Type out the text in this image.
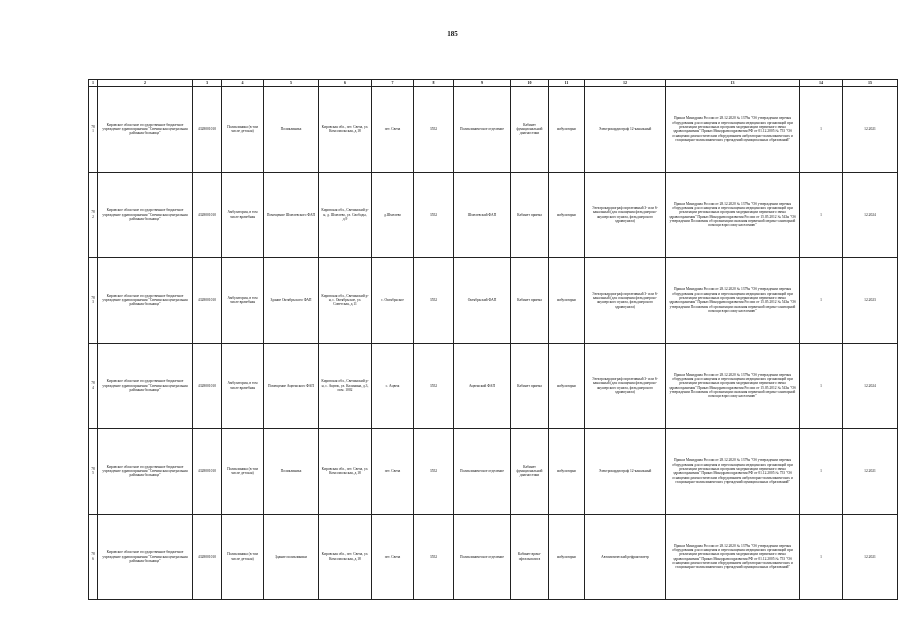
185
1	2	3	4	5	6	7	8	9	10	11	12	13	14	15
781	Кировское областное государственное бюджетное учреждение здравоохранения "Свечинская центральная районная больница"	4328001010	Поликлиника (в том числе детская)	Поликлиника	Кировская обл., пгт. Свеча, ул. Комсомольская, д.18	пгт. Свеча	3552	Поликлиническое отделение	Кабинет функциональной диагностики	амбулаторно	Электрокардиограф 12-канальный	Приказ Минздрава России от 28.12.2020 № 1379н "Об утверждении перечня оборудования для оснащения и переоснащения медицинских организаций при реализации региональных программ модернизации первичного звена здравоохранения" Приказ Минздравсоцразвития РФ от 01.12.2005 № 753 "Об оснащении диагностическим оборудованием амбулаторно-поликлинических и стационарно-поликлинических учреждений муниципальных образований"	1	12.2021
782	Кировское областное государственное бюджетное учреждение здравоохранения "Свечинская центральная районная больница"	4328001010	Амбулатория, в том числе врачебная	Помещение Шмелевского ФАП	Кировская обл., Свечинский р-н, д. Шмелево, ул. Свободы, д.9	д.Шмелево	3552	Шмелевский ФАП	Кабинет приема	амбулаторно	Электрокардиограф портативный 3- или 6-канальный (для оснащения фельдшерско-акушерского пункта, фельдшерского здравпункта)	Приказ Минздрава России от 28.12.2020 № 1379н "Об утверждении перечня оборудования для оснащения и переоснащения медицинских организаций при реализации региональных программ модернизации первичного звена здравоохранения" Приказ Минздравсоцразвития России от 15.05.2012 № 543н "Об утверждении Положения об организации оказания первичной медико-санитарной помощи взрослому населению"	1	12.2024
783	Кировское областное государственное бюджетное учреждение здравоохранения "Свечинская центральная районная больница"	4328001010	Амбулатория, в том числе врачебная	Здание Октябрьского ФАП	Кировская обл., Свечинский р-н, с. Октябрьское, ул. Советская, д.11	с. Октябрьское	3552	Октябрьский ФАП	Кабинет приема	амбулаторно	Электрокардиограф портативный 3- или 6-канальный (для оснащения фельдшерско-акушерского пункта, фельдшерского здравпункта)	Приказ Минздрава России от 28.12.2020 № 1379н "Об утверждении перечня оборудования для оснащения и переоснащения медицинских организаций при реализации региональных программ модернизации первичного звена здравоохранения" Приказ Минздравсоцразвития России от 15.05.2012 № 543н "Об утверждении Положения об организации оказания первичной медико-санитарной помощи взрослому населению"	1	12.2023
784	Кировское областное государственное бюджетное учреждение здравоохранения "Свечинская центральная районная больница"	4328001010	Амбулатория, в том числе врачебная	Помещение Ацвежского ФАП	Кировская обл., Свечинский р-н, с. Ацвеж, ул. Калинина, д.3, пом. 1002	с. Ацвеж	3552	Ацвежский ФАП	Кабинет приема	амбулаторно	Электрокардиограф портативный 3- или 6-канальный (для оснащения фельдшерско-акушерского пункта, фельдшерского здравпункта)	Приказ Минздрава России от 28.12.2020 № 1379н "Об утверждении перечня оборудования для оснащения и переоснащения медицинских организаций при реализации региональных программ модернизации первичного звена здравоохранения" Приказ Минздравсоцразвития России от 15.05.2012 № 543н "Об утверждении Положения об организации оказания первичной медико-санитарной помощи взрослому населению"	1	12.2024
785	Кировское областное государственное бюджетное учреждение здравоохранения "Свечинская центральная районная больница"	4328001010	Поликлиника (в том числе детская)	Поликлиника	Кировская обл., пгт. Свеча, ул. Комсомольская, д.18	пгт. Свеча	3552	Поликлиническое отделение	Кабинет функциональной диагностики	амбулаторно	Электрокардиограф 12-канальный	Приказ Минздрава России от 28.12.2020 № 1379н "Об утверждении перечня оборудования для оснащения и переоснащения медицинских организаций при реализации региональных программ модернизации первичного звена здравоохранения" Приказ Минздравсоцразвития РФ от 01.12.2005 № 753 "Об оснащении диагностическим оборудованием амбулаторно-поликлинических и стационарно-поликлинических учреждений муниципальных образований"	1	12.2021
786	Кировское областное государственное бюджетное учреждение здравоохранения "Свечинская центральная районная больница"	4328001010	Поликлиника (в том числе детская)	Здание поликлиники	Кировская обл., пгт. Свеча, ул. Комсомольская, д.18	пгт. Свеча	3552	Поликлиническое отделение	Кабинет врача-офтальмолога	амбулаторно	Автоматический рефрактометр	Приказ Минздрава России от 28.12.2020 № 1379н "Об утверждении перечня оборудования для оснащения и переоснащения медицинских организаций при реализации региональных программ модернизации первичного звена здравоохранения" Приказ Минздравсоцразвития РФ от 01.12.2005 № 753 "Об оснащении диагностическим оборудованием амбулаторно-поликлинических и стационарно-поликлинических учреждений муниципальных образований"	1	12.2021
